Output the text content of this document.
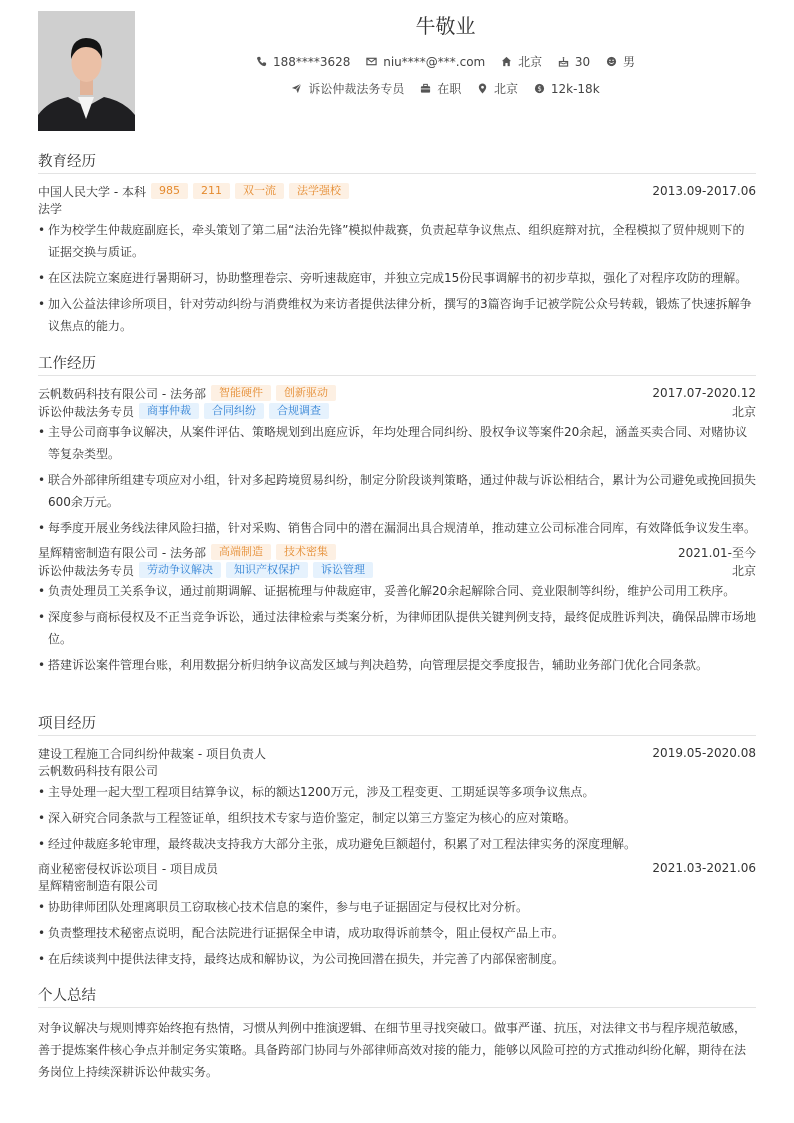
牛敬业
188****3628	niu****@***.com	北京	30	男
诉讼仲裁法务专员	在职	北京	$ 12k-18k
教育经历
中国人民大学 - 本科	985	211	双一流	法学强校	2013.09-2017.06
法学
• 作为校学生仲裁庭副庭长，牵头策划了第二届“法治先锋”模拟仲裁赛，负责起草争议焦点、组织庭辩对抗，全程模拟了贸仲规则下的证据交换与质证。
• 在区法院立案庭进行暑期研习，协助整理卷宗、旁听速裁庭审，并独立完成15份民事调解书的初步草拟，强化了对程序攻防的理解。
• 加入公益法律诊所项目，针对劳动纠纷与消费维权为来访者提供法律分析，撰写的3篇咨询手记被学院公众号转载，锻炼了快速拆解争议焦点的能力。
工作经历
云帆数码科技有限公司 - 法务部	智能硬件	创新驱动	2017.07-2020.12
诉讼仲裁法务专员	商事仲裁	合同纠纷	合规调查	北京
• 主导公司商事争议解决，从案件评估、策略规划到出庭应诉，年均处理合同纠纷、股权争议等案件20余起，涵盖买卖合同、对赌协议等复杂类型。
• 联合外部律所组建专项应对小组，针对多起跨境贸易纠纷，制定分阶段谈判策略，通过仲裁与诉讼相结合，累计为公司避免或挽回损失600余万元。
• 每季度开展业务线法律风险扫描，针对采购、销售合同中的潜在漏洞出具合规清单，推动建立公司标准合同库，有效降低争议发生率。
星辉精密制造有限公司 - 法务部	高端制造	技术密集	2021.01-至今
诉讼仲裁法务专员	劳动争议解决	知识产权保护	诉讼管理	北京
• 负责处理员工关系争议，通过前期调解、证据梳理与仲裁庭审，妥善化解20余起解除合同、竞业限制等纠纷，维护公司用工秩序。
• 深度参与商标侵权及不正当竞争诉讼，通过法律检索与类案分析，为律师团队提供关键判例支持，最终促成胜诉判决，确保品牌市场地位。
• 搭建诉讼案件管理台账，利用数据分析归纳争议高发区域与判决趋势，向管理层提交季度报告，辅助业务部门优化合同条款。
项目经历
建设工程施工合同纠纷仲裁案 - 项目负责人	2019.05-2020.08
云帆数码科技有限公司
• 主导处理一起大型工程项目结算争议，标的额达1200万元，涉及工程变更、工期延误等多项争议焦点。
• 深入研究合同条款与工程签证单，组织技术专家与造价鉴定，制定以第三方鉴定为核心的应对策略。
• 经过仲裁庭多轮审理，最终裁决支持我方大部分主张，成功避免巨额超付，积累了对工程法律实务的深度理解。
商业秘密侵权诉讼项目 - 项目成员	2021.03-2021.06
星辉精密制造有限公司
• 协助律师团队处理离职员工窃取核心技术信息的案件，参与电子证据固定与侵权比对分析。
• 负责整理技术秘密点说明，配合法院进行证据保全申请，成功取得诉前禁令，阻止侵权产品上市。
• 在后续谈判中提供法律支持，最终达成和解协议，为公司挽回潜在损失，并完善了内部保密制度。
个人总结
对争议解决与规则博弈始终抱有热情，习惯从判例中推演逻辑、在细节里寻找突破口。做事严谨、抗压，对法律文书与程序规范敏感，善于提炼案件核心争点并制定务实策略。具备跨部门协同与外部律师高效对接的能力，能够以风险可控的方式推动纠纷化解，期待在法务岗位上持续深耕诉讼仲裁实务。
